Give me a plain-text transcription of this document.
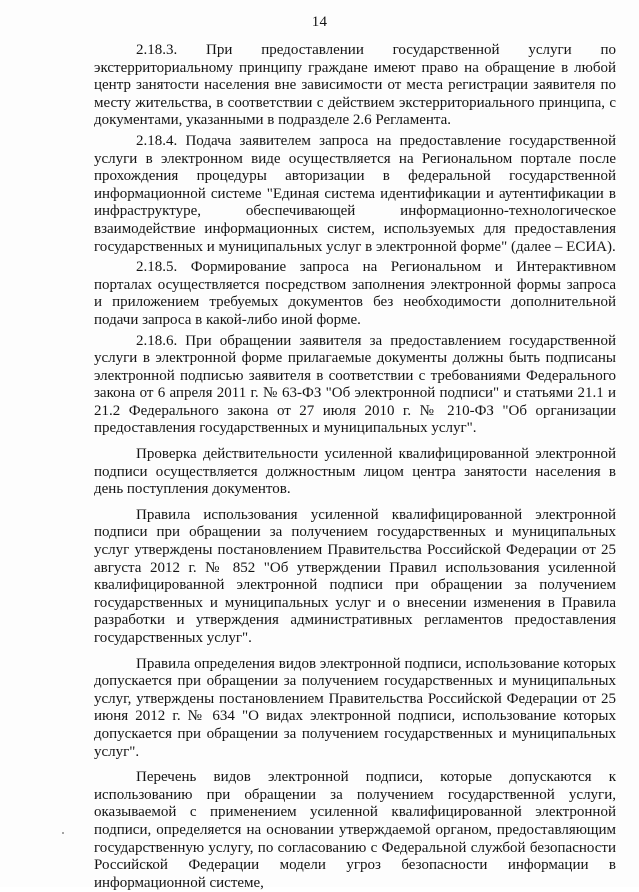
14

2.18.3. При предоставлении государственной услуги по экстерриториальному принципу граждане имеют право на обращение в любой центр занятости населения вне зависимости от места регистрации заявителя по месту жительства, в соответствии с действием экстерриториального принципа, с документами, указанными в подразделе 2.6 Регламента.

2.18.4. Подача заявителем запроса на предоставление государственной услуги в электронном виде осуществляется на Региональном портале после прохождения процедуры авторизации в федеральной государственной информационной системе "Единая система идентификации и аутентификации в инфраструктуре, обеспечивающей информационно-технологическое взаимодействие информационных систем, используемых для предоставления государственных и муниципальных услуг в электронной форме" (далее – ЕСИА).

2.18.5. Формирование запроса на Региональном и Интерактивном порталах осуществляется посредством заполнения электронной формы запроса и приложением требуемых документов без необходимости дополнительной подачи запроса в какой-либо иной форме.

2.18.6. При обращении заявителя за предоставлением государственной услуги в электронной форме прилагаемые документы должны быть подписаны электронной подписью заявителя в соответствии с требованиями Федерального закона от 6 апреля 2011 г. № 63-ФЗ "Об электронной подписи" и статьями 21.1 и 21.2 Федерального закона от 27 июля 2010 г. № 210-ФЗ "Об организации предоставления государственных и муниципальных услуг".

Проверка действительности усиленной квалифицированной электронной подписи осуществляется должностным лицом центра занятости населения в день поступления документов.

Правила использования усиленной квалифицированной электронной подписи при обращении за получением государственных и муниципальных услуг утверждены постановлением Правительства Российской Федерации от 25 августа 2012 г. № 852 "Об утверждении Правил использования усиленной квалифицированной электронной подписи при обращении за получением государственных и муниципальных услуг и о внесении изменения в Правила разработки и утверждения административных регламентов предоставления государственных услуг".

Правила определения видов электронной подписи, использование которых допускается при обращении за получением государственных и муниципальных услуг, утверждены постановлением Правительства Российской Федерации от 25 июня 2012 г. № 634 "О видах электронной подписи, использование которых допускается при обращении за получением государственных и муниципальных услуг".

Перечень видов электронной подписи, которые допускаются к использованию при обращении за получением государственной услуги, оказываемой с применением усиленной квалифицированной электронной подписи, определяется на основании утверждаемой органом, предоставляющим государственную услугу, по согласованию с Федеральной службой безопасности Российской Федерации модели угроз безопасности информации в информационной системе,
